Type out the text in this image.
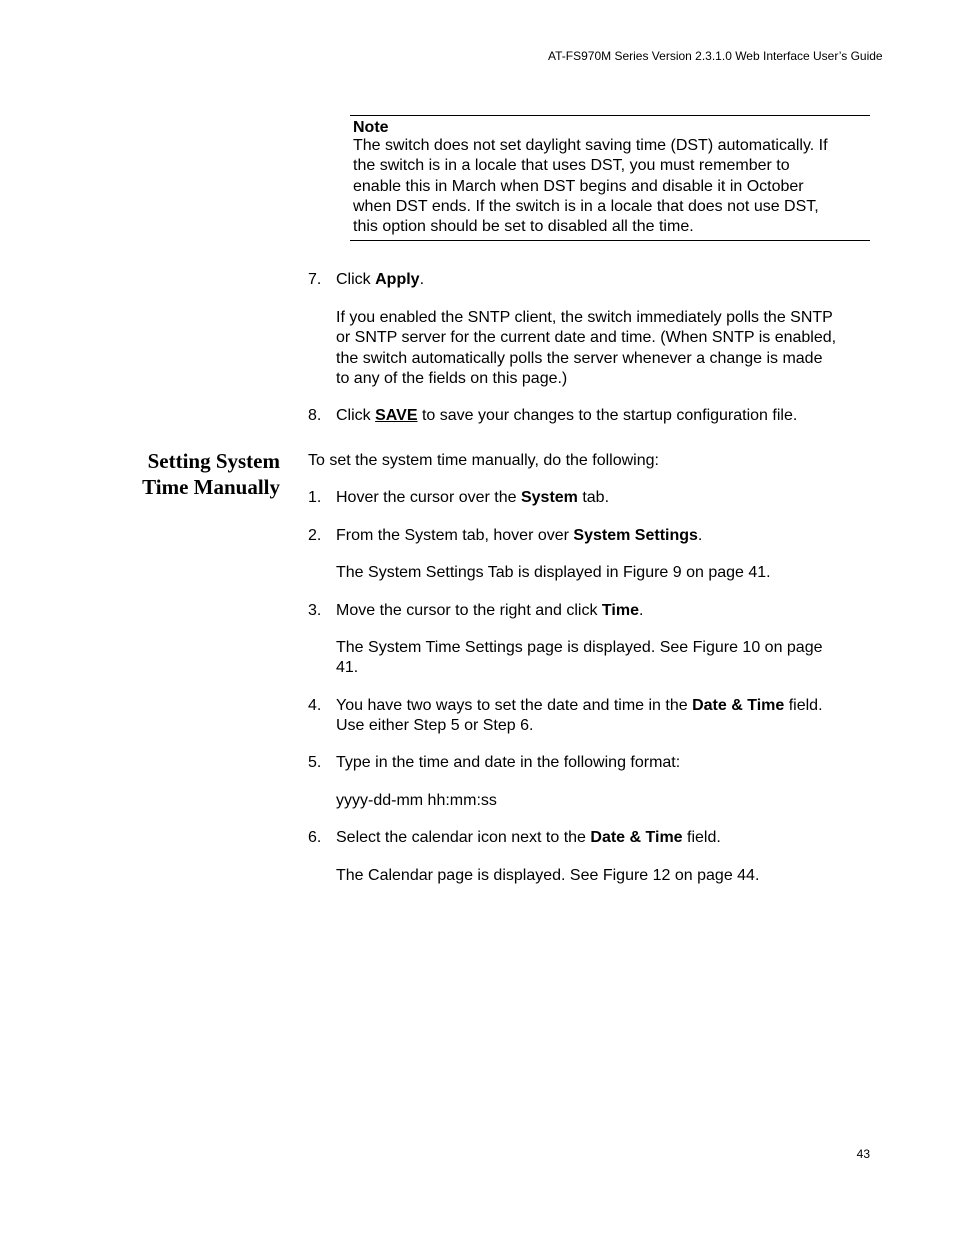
AT-FS970M Series Version 2.3.1.0 Web Interface User’s Guide
Note
The switch does not set daylight saving time (DST) automatically. If
the switch is in a locale that uses DST, you must remember to
enable this in March when DST begins and disable it in October
when DST ends. If the switch is in a locale that does not use DST,
this option should be set to disabled all the time.
7. Click Apply.
If you enabled the SNTP client, the switch immediately polls the SNTP
or SNTP server for the current date and time. (When SNTP is enabled,
the switch automatically polls the server whenever a change is made
to any of the fields on this page.)
8. Click SAVE to save your changes to the startup configuration file.
Setting System
Time Manually
To set the system time manually, do the following:
1. Hover the cursor over the System tab.
2. From the System tab, hover over System Settings.
The System Settings Tab is displayed in Figure 9 on page 41.
3. Move the cursor to the right and click Time.
The System Time Settings page is displayed. See Figure 10 on page
41.
4. You have two ways to set the date and time in the Date & Time field.
Use either Step 5 or Step 6.
5. Type in the time and date in the following format:
yyyy-dd-mm hh:mm:ss
6. Select the calendar icon next to the Date & Time field.
The Calendar page is displayed. See Figure 12 on page 44.
43
